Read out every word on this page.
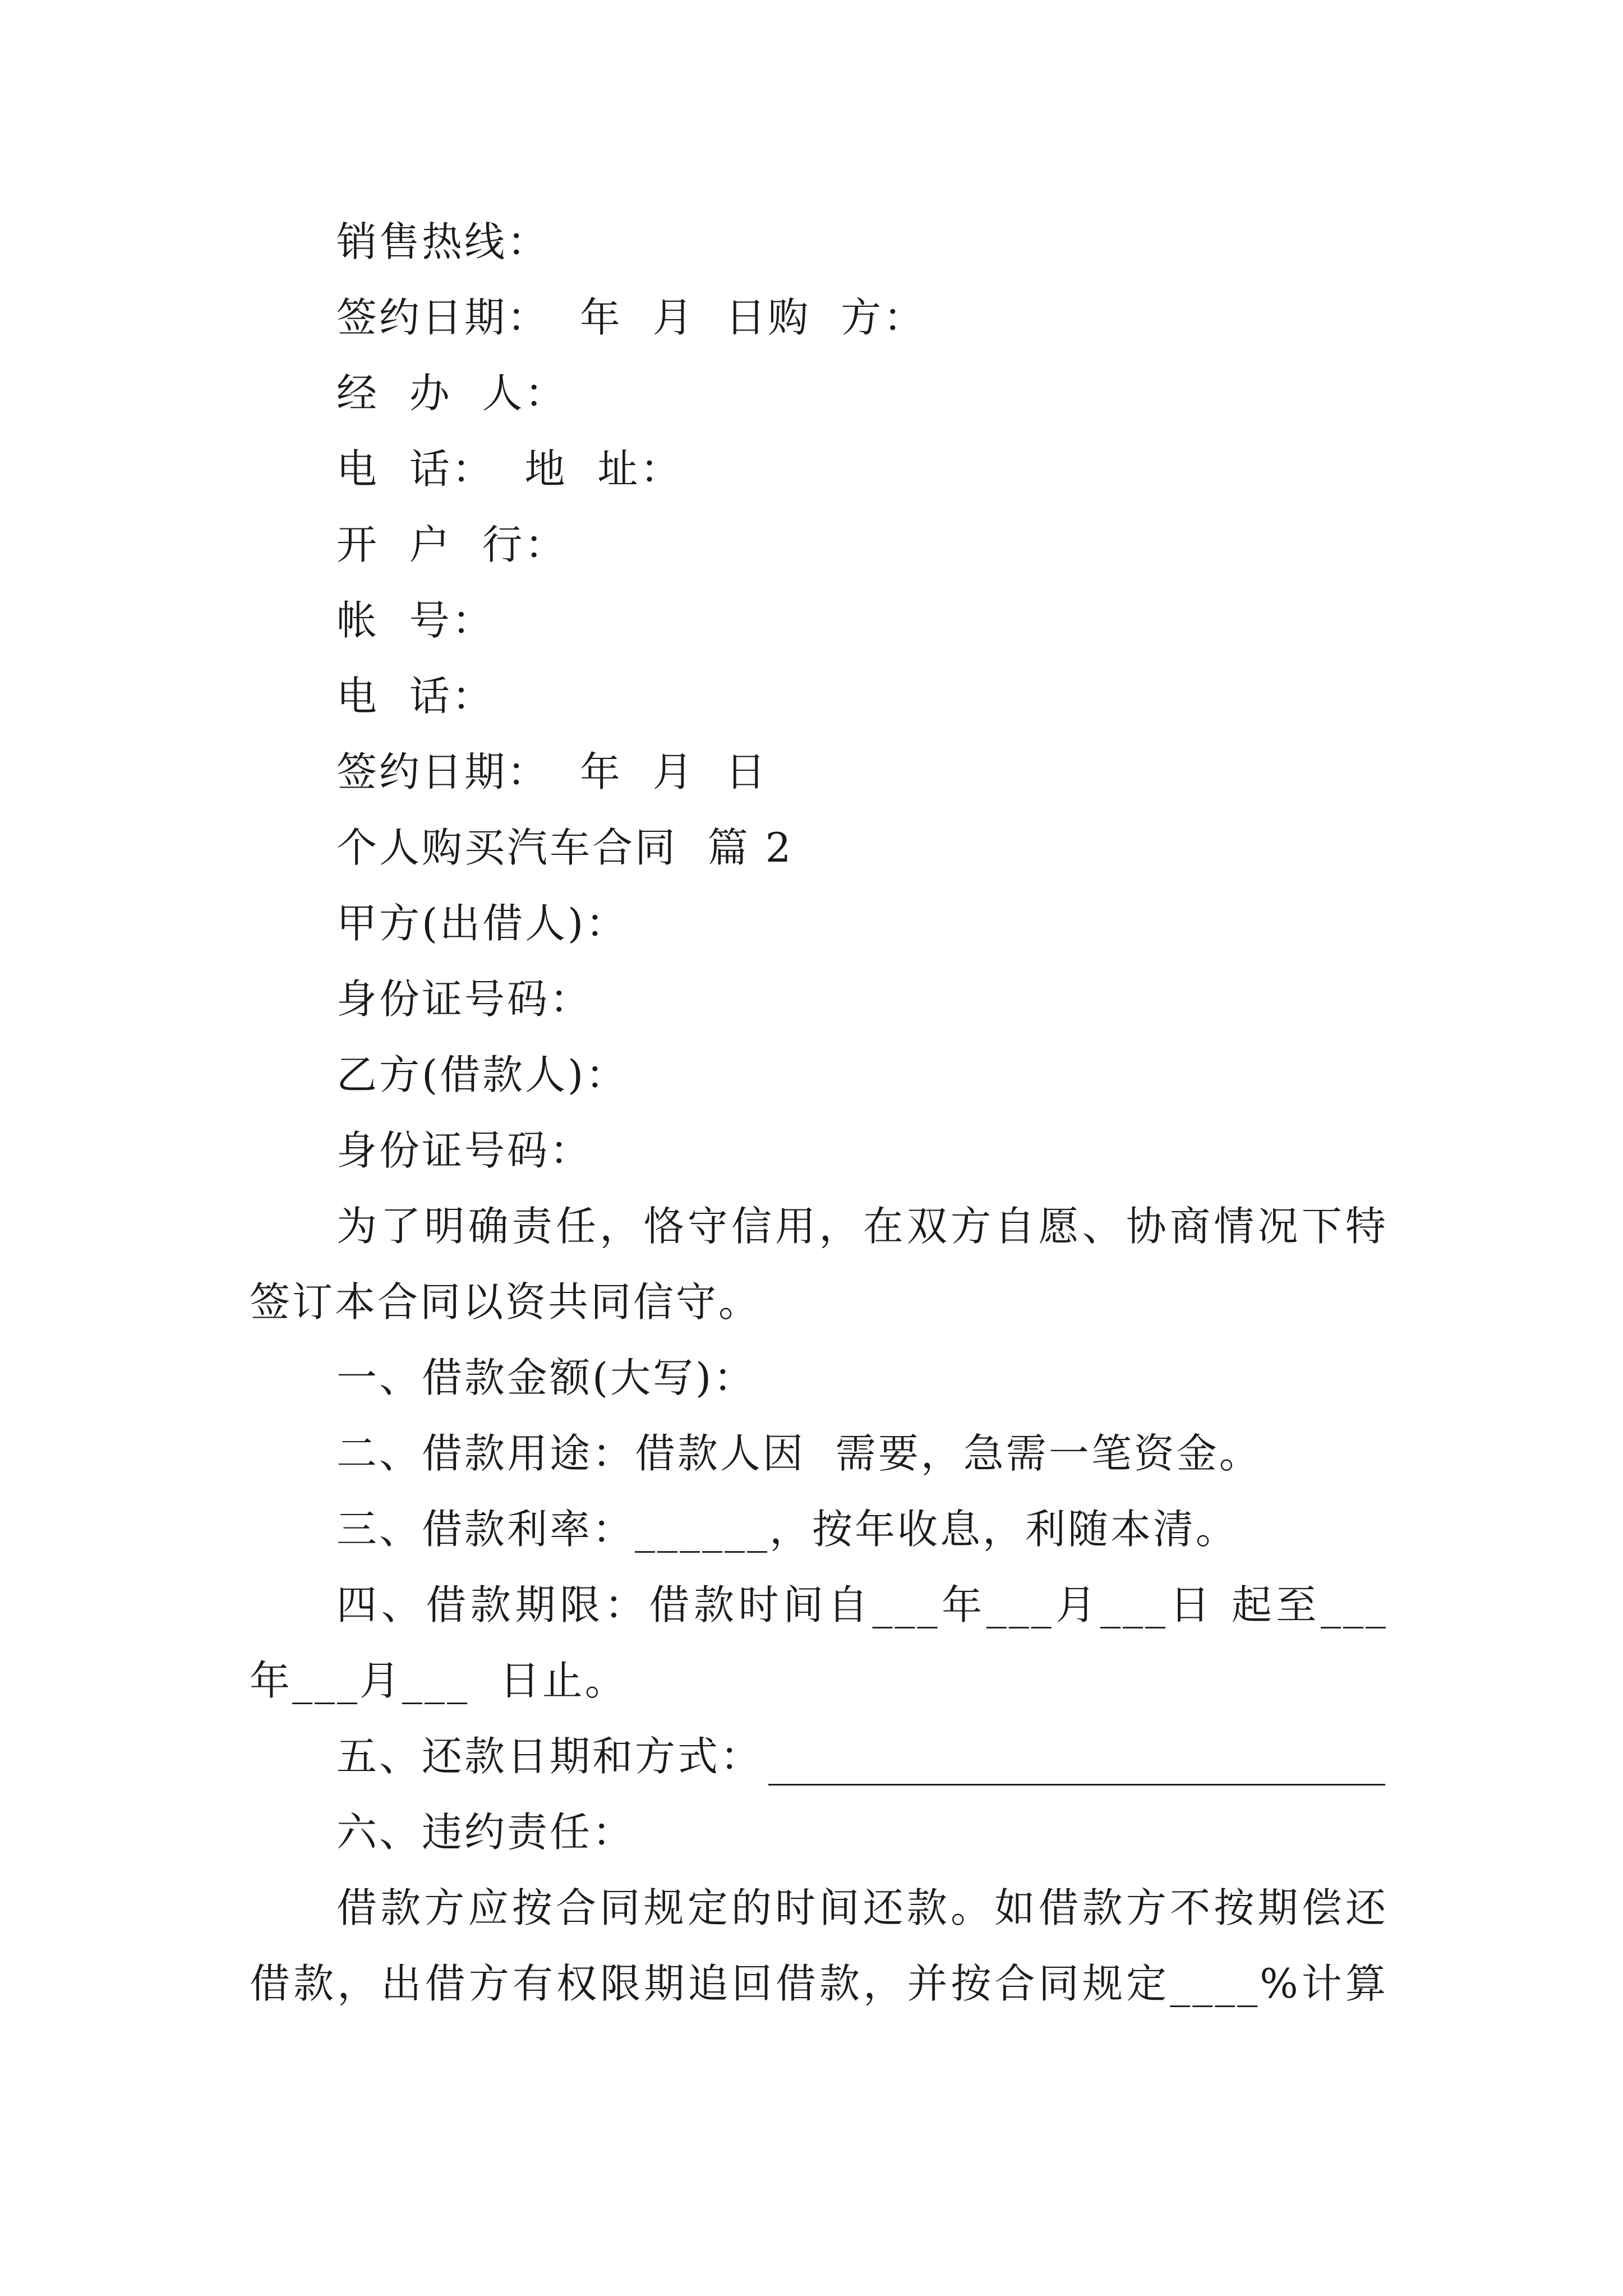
销售热线：
签约日期：  年  月  日购  方：
经  办  人：
电  话：  地  址：
开  户  行：
帐  号：
电  话：
签约日期：  年  月  日
个人购买汽车合同  篇 2
甲方(出借人)：
身份证号码：
乙方(借款人)：
身份证号码：
为了明确责任，恪守信用，在双方自愿、协商情况下特
签订本合同以资共同信守。
一、借款金额(大写)：
二、借款用途：借款人因  需要，急需一笔资金。
三、借款利率：______，按年收息，利随本清。
四、借款期限：借款时间自___年___月___日 起至___
年___月___  日止。
五、还款日期和方式：
六、违约责任：
借款方应按合同规定的时间还款。如借款方不按期偿还
借款，出借方有权限期追回借款，并按合同规定____%计算
